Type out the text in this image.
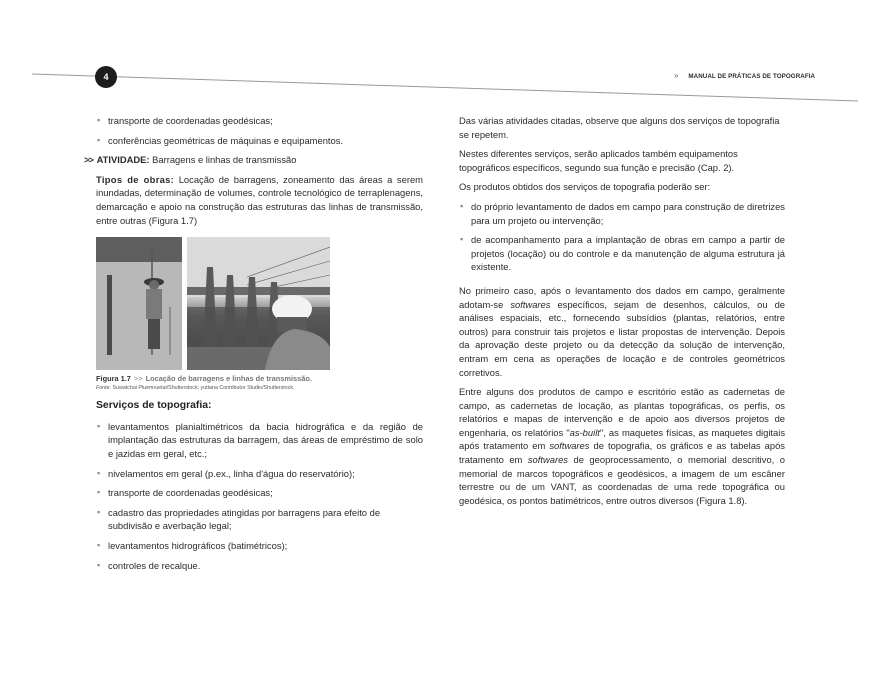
4	» MANUAL DE PRÁTICAS DE TOPOGRAFIA
▪ transporte de coordenadas geodésicas;
▪ conferências geométricas de máquinas e equipamentos.
>> ATIVIDADE: Barragens e linhas de transmissão

Tipos de obras: Locação de barragens, zoneamento das áreas a serem inundadas, determinação de volumes, controle tecnológico de terraplenagens, demarcação e apoio na construção das estruturas das linhas de transmissão, entre outras (Figura 1.7)

Figura 1.7 >> Locação de barragens e linhas de transmissão.
Fonte: Suwatchai Pluemruetai/Shutterstock; yuttana Contributor Studio/Shutterstock.
Serviços de topografia:
▪ levantamentos planialtimétricos da bacia hidrográfica e da região de implantação das estruturas da barragem, das áreas de empréstimo de solo e jazidas em geral, etc.;
▪ nivelamentos em geral (p.ex., linha d'água do reservatório);
▪ transporte de coordenadas geodésicas;
▪ cadastro das propriedades atingidas por barragens para efeito de subdivisão e averbação legal;
▪ levantamentos hidrográficos (batimétricos);
▪ controles de recalque.

Das várias atividades citadas, observe que alguns dos serviços de topografia se repetem.

Nestes diferentes serviços, serão aplicados também equipamentos topográficos específicos, segundo sua função e precisão (Cap. 2).

Os produtos obtidos dos serviços de topografia poderão ser:

▪ do próprio levantamento de dados em campo para construção de diretrizes para um projeto ou intervenção;
▪ de acompanhamento para a implantação de obras em campo a partir de projetos (locação) ou do controle e da manutenção de alguma estrutura já existente.

No primeiro caso, após o levantamento dos dados em campo, geralmente adotam-se softwares específicos, sejam de desenhos, cálculos, ou de análises espaciais, etc., fornecendo subsídios (plantas, relatórios, entre outros) para construir tais projetos e listar propostas de intervenção. Depois da aprovação deste projeto ou da detecção da solução de intervenção, entram em cena as operações de locação e de controles geométricos corretivos.

Entre alguns dos produtos de campo e escritório estão as cadernetas de campo, as cadernetas de locação, as plantas topográficas, os perfis, os relatórios e mapas de intervenção e de apoio aos diversos projetos de engenharia, os relatórios "as-built", as maquetes físicas, as maquetes digitais após tratamento em softwares de topografia, os gráficos e as tabelas após tratamento em softwares de geoprocessamento, o memorial descritivo, o memorial de marcos topográficos e geodésicos, a imagem de um escâner terrestre ou de um VANT, as coordenadas de uma rede topográfica ou geodésica, os pontos batimétricos, entre outros diversos (Figura 1.8).
